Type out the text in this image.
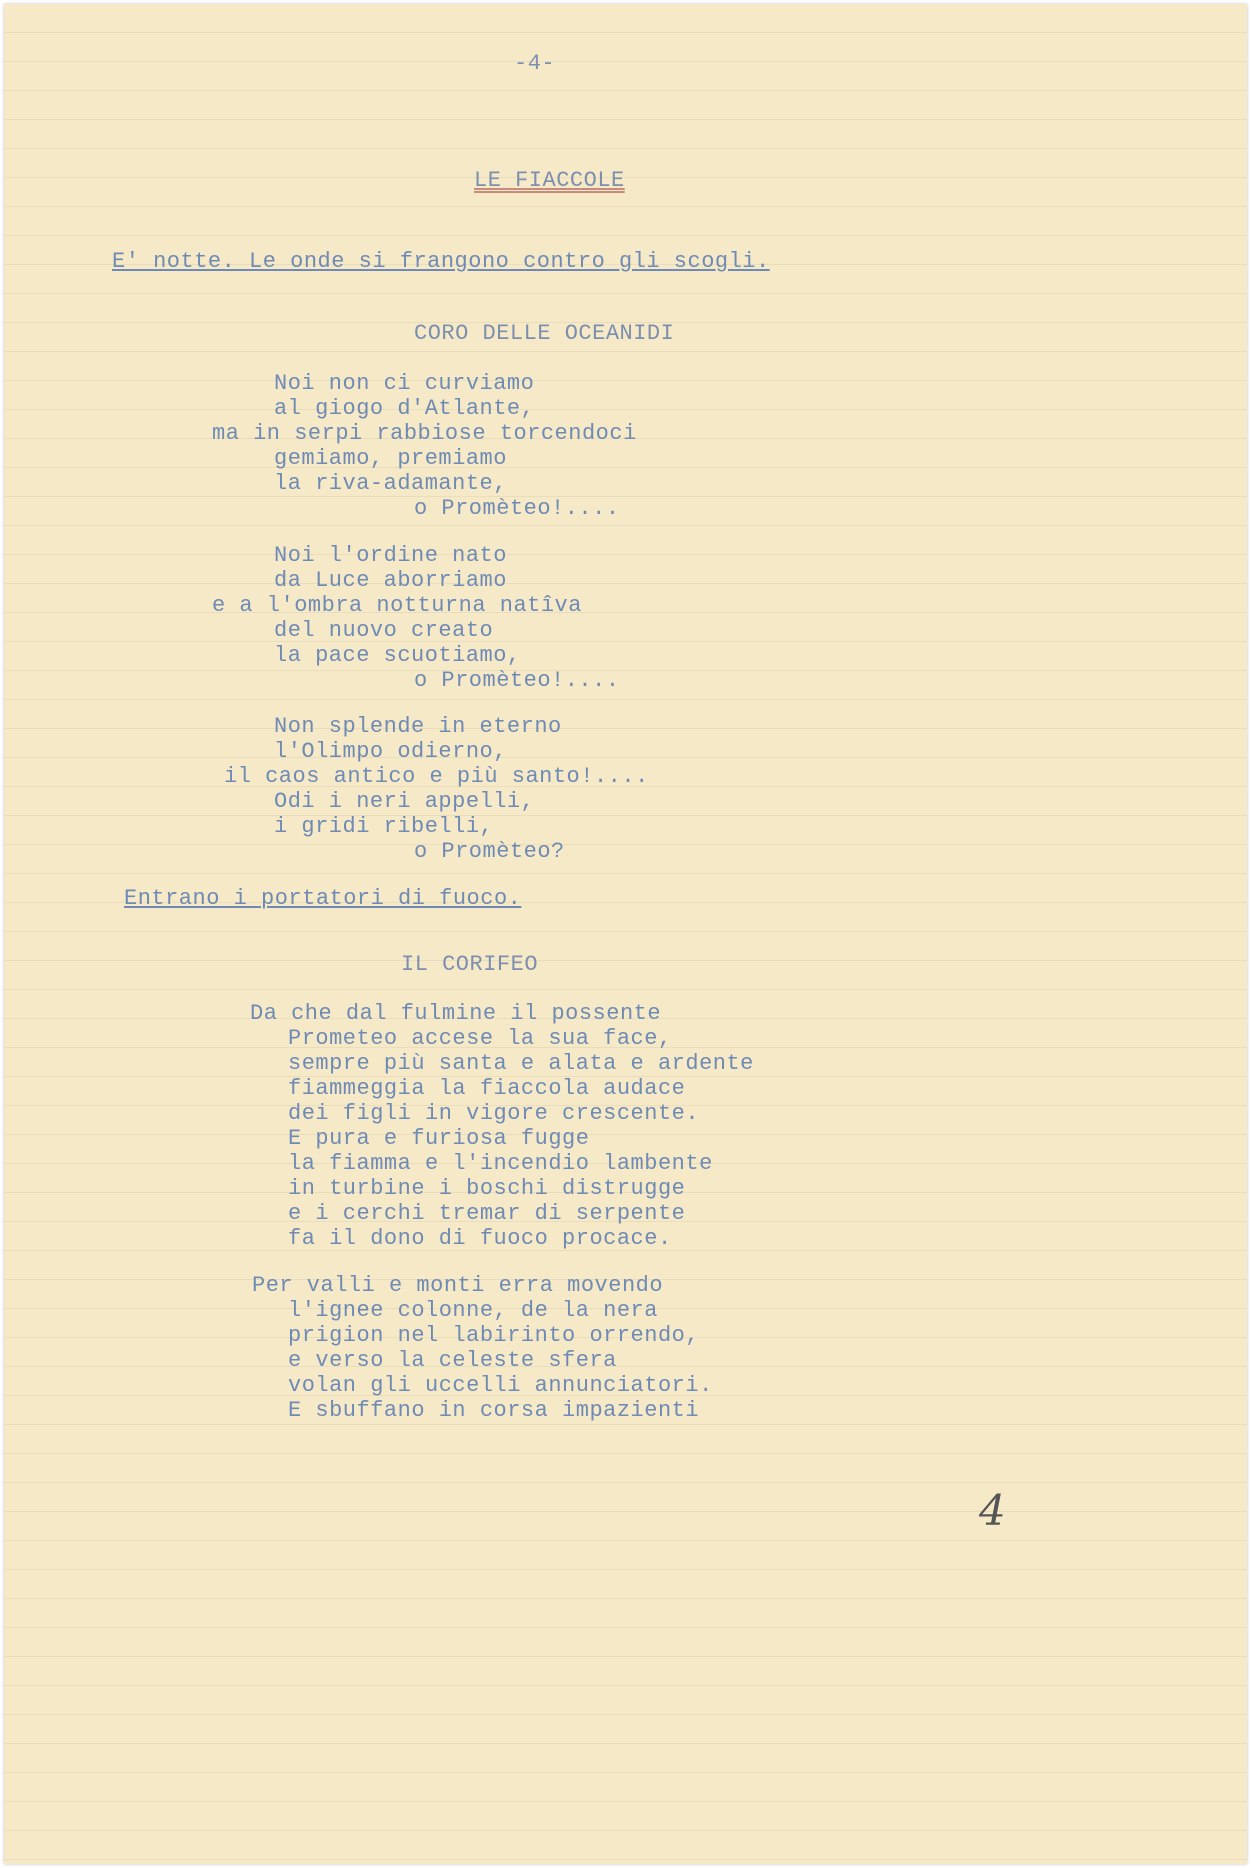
-4-
LE FIACCOLE
E' notte. Le onde si frangono contro gli scogli.
CORO DELLE OCEANIDI
Noi non ci curviamo
al giogo d'Atlante,
ma in serpi rabbiose torcendoci
gemiamo, premiamo
la riva-adamante,
o Promèteo!....
Noi l'ordine nato
da Luce aborriamo
e a l'ombra notturna natîva
del nuovo creato
la pace scuotiamo,
o Promèteo!....
Non splende in eterno
l'Olimpo odierno,
il caos antico e più santo!....
Odi i neri appelli,
i gridi ribelli,
o Promèteo?
Entrano i portatori di fuoco.
IL CORIFEO
Da che dal fulmine il possente
Prometeo accese la sua face,
sempre più santa e alata e ardente
fiammeggia la fiaccola audace
dei figli in vigore crescente.
E pura e furiosa fugge
la fiamma e l'incendio lambente
in turbine i boschi distrugge
e i cerchi tremar di serpente
fa il dono di fuoco procace.
Per valli e monti erra movendo
l'ignee colonne, de la nera
prigion nel labirinto orrendo,
e verso la celeste sfera
volan gli uccelli annunciatori.
E sbuffano in corsa impazienti
4
